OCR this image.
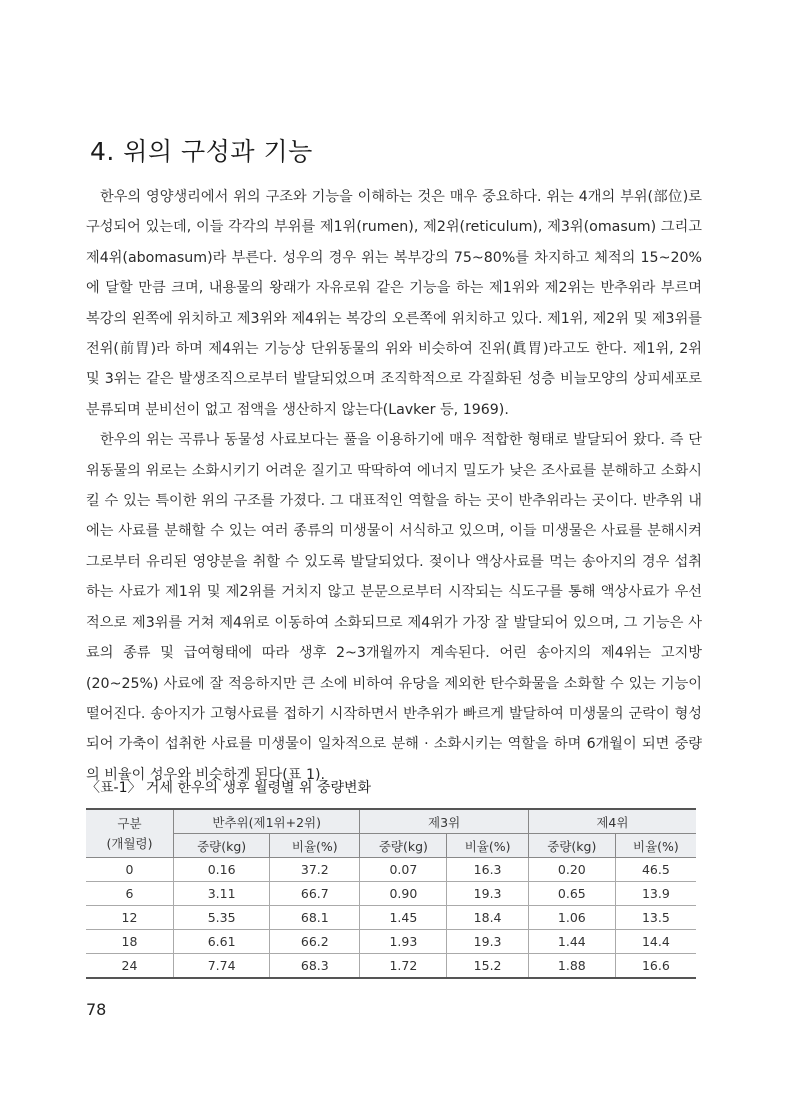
4. 위의 구성과 기능

한우의 영양생리에서 위의 구조와 기능을 이해하는 것은 매우 중요하다. 위는 4개의 부위(部位)로 구성되어 있는데, 이들 각각의 부위를 제1위(rumen), 제2위(reticulum), 제3위(omasum) 그리고 제4위(abomasum)라 부른다. 성우의 경우 위는 복부강의 75~80%를 차지하고 체적의 15~20%에 달할 만큼 크며, 내용물의 왕래가 자유로워 같은 기능을 하는 제1위와 제2위는 반추위라 부르며 복강의 왼쪽에 위치하고 제3위와 제4위는 복강의 오른쪽에 위치하고 있다. 제1위, 제2위 및 제3위를 전위(前胃)라 하며 제4위는 기능상 단위동물의 위와 비슷하여 진위(眞胃)라고도 한다. 제1위, 2위 및 3위는 같은 발생조직으로부터 발달되었으며 조직학적으로 각질화된 성층 비늘모양의 상피세포로 분류되며 분비선이 없고 점액을 생산하지 않는다(Lavker 등, 1969).

한우의 위는 곡류나 동물성 사료보다는 풀을 이용하기에 매우 적합한 형태로 발달되어 왔다. 즉 단위동물의 위로는 소화시키기 어려운 질기고 딱딱하여 에너지 밀도가 낮은 조사료를 분해하고 소화시킬 수 있는 특이한 위의 구조를 가졌다. 그 대표적인 역할을 하는 곳이 반추위라는 곳이다. 반추위 내에는 사료를 분해할 수 있는 여러 종류의 미생물이 서식하고 있으며, 이들 미생물은 사료를 분해시켜 그로부터 유리된 영양분을 취할 수 있도록 발달되었다. 젖이나 액상사료를 먹는 송아지의 경우 섭취하는 사료가 제1위 및 제2위를 거치지 않고 분문으로부터 시작되는 식도구를 통해 액상사료가 우선적으로 제3위를 거쳐 제4위로 이동하여 소화되므로 제4위가 가장 잘 발달되어 있으며, 그 기능은 사료의 종류 및 급여형태에 따라 생후 2~3개월까지 계속된다. 어린 송아지의 제4위는 고지방(20~25%) 사료에 잘 적응하지만 큰 소에 비하여 유당을 제외한 탄수화물을 소화할 수 있는 기능이 떨어진다. 송아지가 고형사료를 접하기 시작하면서 반추위가 빠르게 발달하여 미생물의 군락이 형성되어 가축이 섭취한 사료를 미생물이 일차적으로 분해 · 소화시키는 역할을 하며 6개월이 되면 중량의 비율이 성우와 비슷하게 된다(표 1).

〈표-1〉 거세 한우의 생후 월령별 위 중량변화
구분
(개월령)	반추위(제1위+2위)		제3위		제4위	
	중량(kg)	비율(%)	중량(kg)	비율(%)	중량(kg)	비율(%)
0	0.16	37.2	0.07	16.3	0.20	46.5
6	3.11	66.7	0.90	19.3	0.65	13.9
12	5.35	68.1	1.45	18.4	1.06	13.5
18	6.61	66.2	1.93	19.3	1.44	14.4
24	7.74	68.3	1.72	15.2	1.88	16.6
78
